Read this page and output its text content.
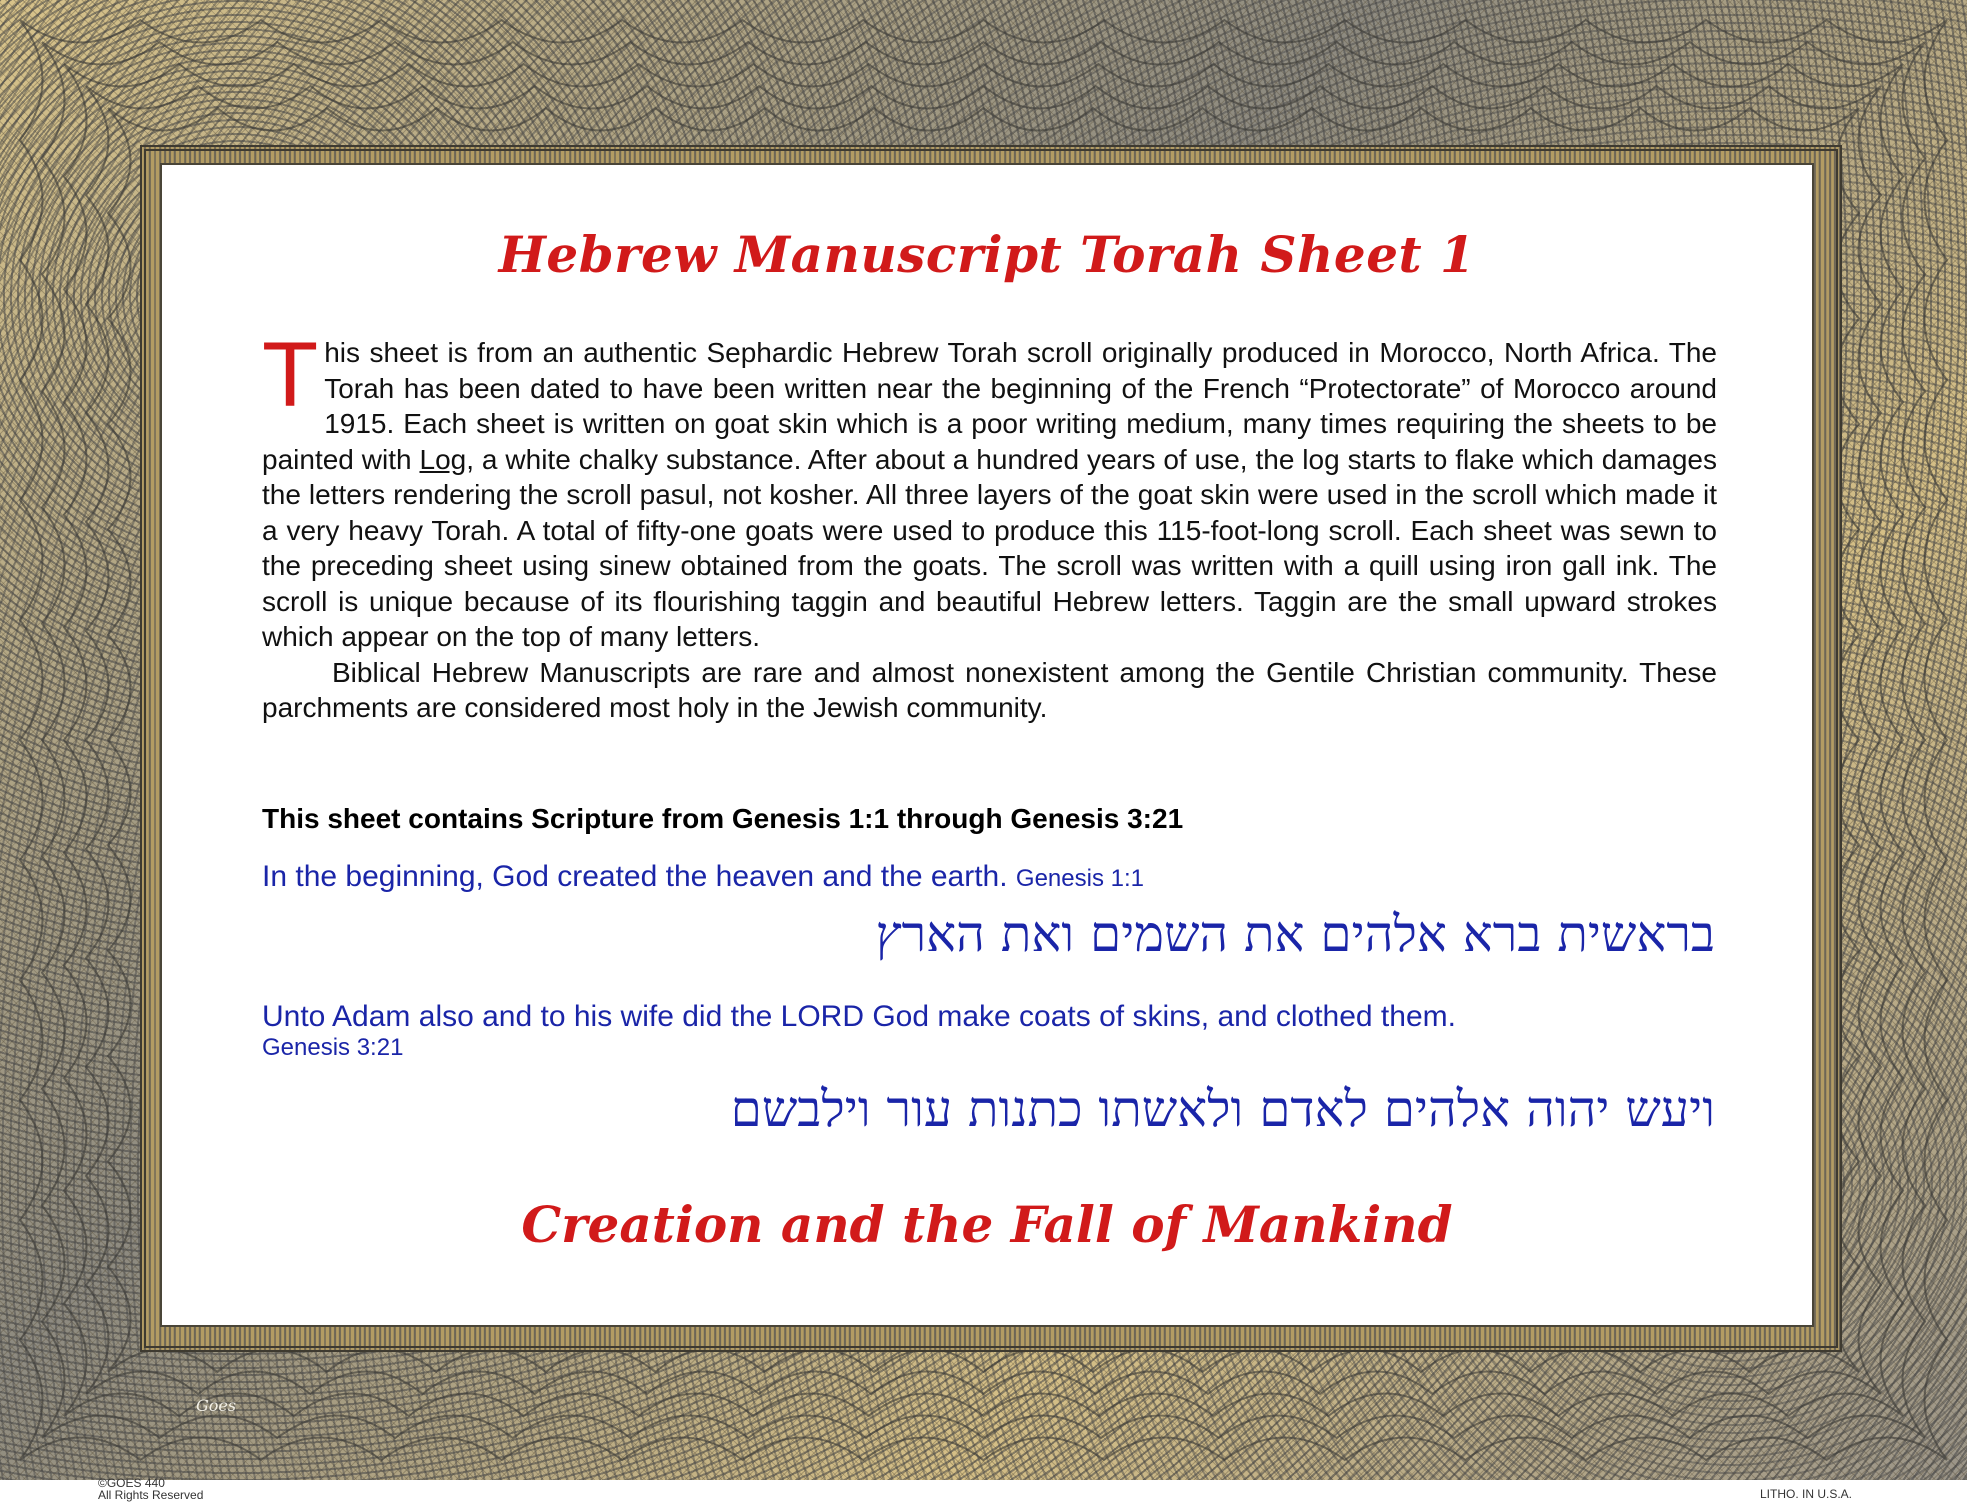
Hebrew Manuscript Torah Sheet 1

This sheet is from an authentic Sephardic Hebrew Torah scroll originally produced in Morocco, North Africa. The Torah has been dated to have been written near the beginning of the French “Protectorate” of Morocco around 1915. Each sheet is written on goat skin which is a poor writing medium, many times requiring the sheets to be painted with Log, a white chalky substance. After about a hundred years of use, the log starts to flake which damages the letters rendering the scroll pasul, not kosher. All three layers of the goat skin were used in the scroll which made it a very heavy Torah. A total of fifty-one goats were used to produce this 115-foot-long scroll. Each sheet was sewn to the preceding sheet using sinew obtained from the goats. The scroll was written with a quill using iron gall ink. The scroll is unique because of its flourishing taggin and beautiful Hebrew letters. Taggin are the small upward strokes which appear on the top of many letters.

Biblical Hebrew Manuscripts are rare and almost nonexistent among the Gentile Christian community. These parchments are considered most holy in the Jewish community.

This sheet contains Scripture from Genesis 1:1 through Genesis 3:21
In the beginning, God created the heaven and the earth. Genesis 1:1
בראשית ברא אלהים את השמים ואת הארץ
Unto Adam also and to his wife did the LORD God make coats of skins, and clothed them.
Genesis 3:21
ויעש יהוה אלהים לאדם ולאשתו כתנות עור וילבשם
Creation and the Fall of Mankind
Goes
©GOES 440
All Rights Reserved	LITHO. IN U.S.A.
